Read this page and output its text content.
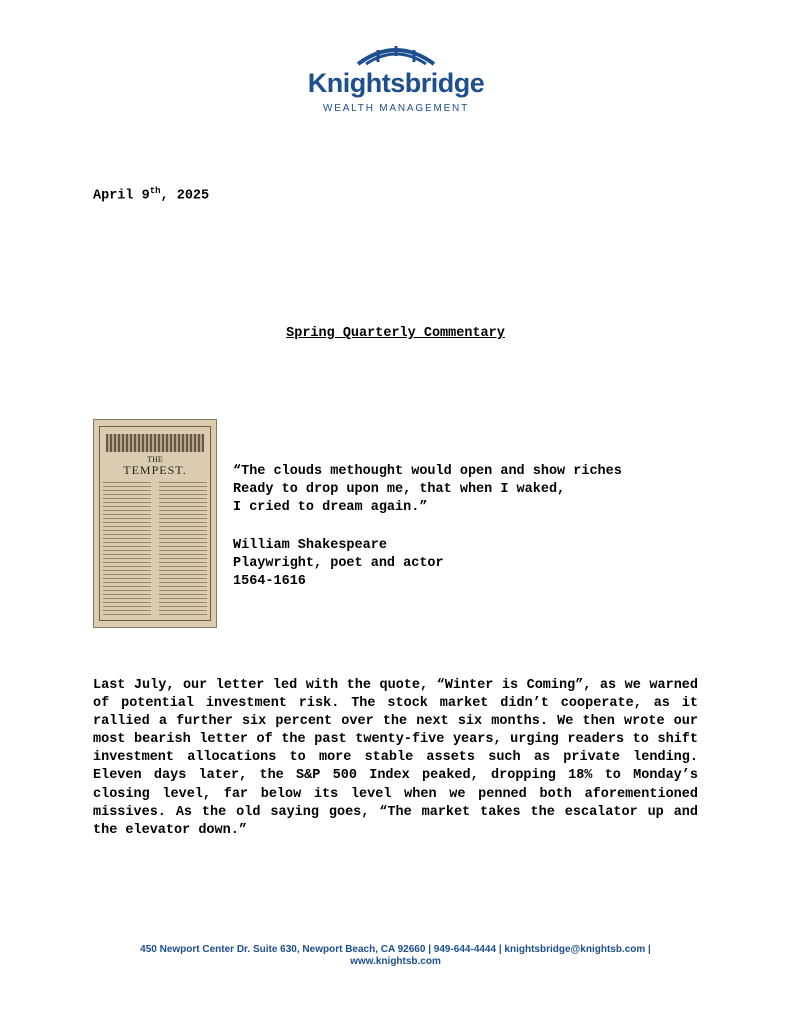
Knightsbridge
WEALTH MANAGEMENT
April 9th, 2025
Spring Quarterly Commentary
THE
TEMPEST.	“The clouds methought would open and show riches
Ready to drop upon me, that when I waked,
I cried to dream again.”
William Shakespeare
Playwright, poet and actor
1564-1616
Last July, our letter led with the quote, “Winter is Coming”, as we warned of potential investment risk. The stock market didn’t cooperate, as it rallied a further six percent over the next six months. We then wrote our most bearish letter of the past twenty-five years, urging readers to shift investment allocations to more stable assets such as private lending. Eleven days later, the S&P 500 Index peaked, dropping 18% to Monday’s closing level, far below its level when we penned both aforementioned missives. As the old saying goes, “The market takes the escalator up and the elevator down.”
450 Newport Center Dr. Suite 630, Newport Beach, CA 92660 | 949-644-4444 | knightsbridge@knightsb.com |
www.knightsb.com
